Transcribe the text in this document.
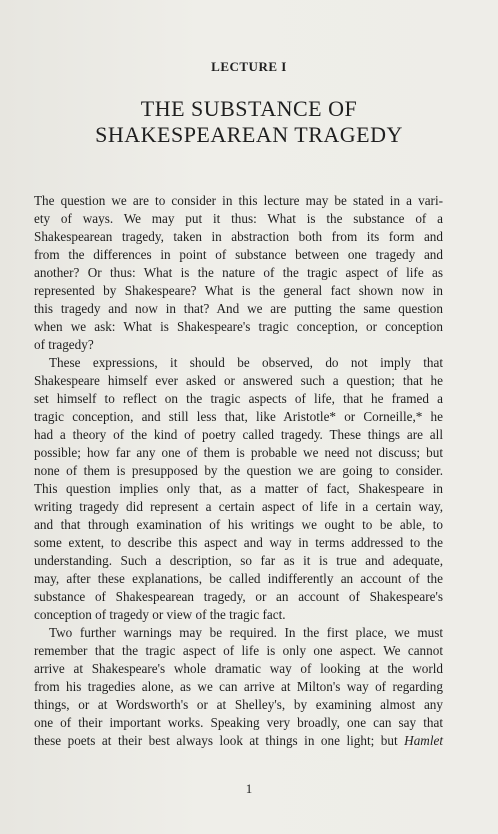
LECTURE I
THE SUBSTANCE OF
SHAKESPEAREAN TRAGEDY
The question we are to consider in this lecture may be stated in a vari-
ety of ways. We may put it thus: What is the substance of a
Shakespearean tragedy, taken in abstraction both from its form and
from the differences in point of substance between one tragedy and
another? Or thus: What is the nature of the tragic aspect of life as
represented by Shakespeare? What is the general fact shown now in
this tragedy and now in that? And we are putting the same question
when we ask: What is Shakespeare's tragic conception, or conception
of tragedy?
These expressions, it should be observed, do not imply that
Shakespeare himself ever asked or answered such a question; that he
set himself to reflect on the tragic aspects of life, that he framed a
tragic conception, and still less that, like Aristotle* or Corneille,* he
had a theory of the kind of poetry called tragedy. These things are all
possible; how far any one of them is probable we need not discuss; but
none of them is presupposed by the question we are going to consider.
This question implies only that, as a matter of fact, Shakespeare in
writing tragedy did represent a certain aspect of life in a certain way,
and that through examination of his writings we ought to be able, to
some extent, to describe this aspect and way in terms addressed to the
understanding. Such a description, so far as it is true and adequate,
may, after these explanations, be called indifferently an account of the
substance of Shakespearean tragedy, or an account of Shakespeare's
conception of tragedy or view of the tragic fact.
Two further warnings may be required. In the first place, we must
remember that the tragic aspect of life is only one aspect. We cannot
arrive at Shakespeare's whole dramatic way of looking at the world
from his tragedies alone, as we can arrive at Milton's way of regarding
things, or at Wordsworth's or at Shelley's, by examining almost any
one of their important works. Speaking very broadly, one can say that
these poets at their best always look at things in one light; but Hamlet
1
